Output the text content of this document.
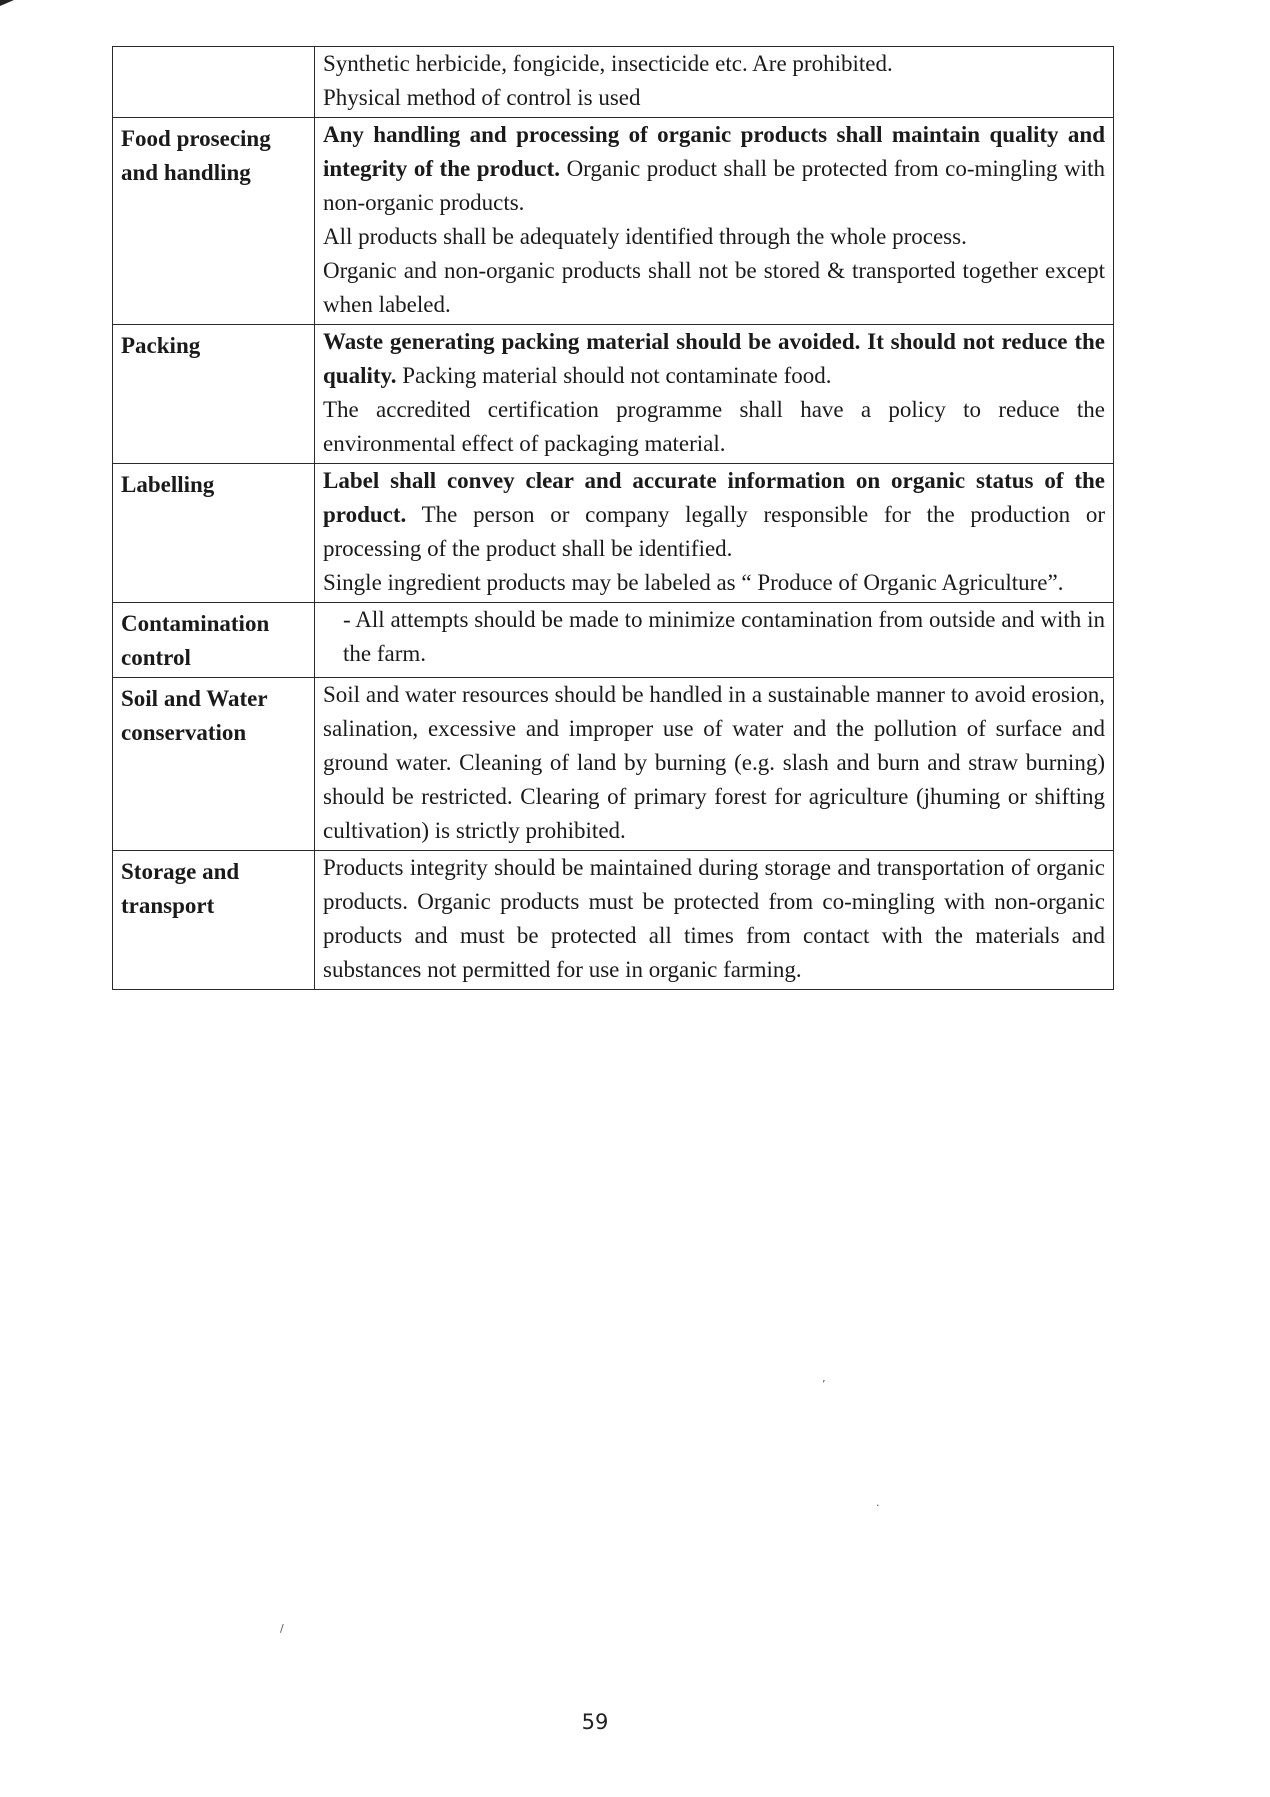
	Synthetic herbicide, fongicide, insecticide etc. Are prohibited.
Physical method of control is used

Food prosecing and handling	Any handling and processing of organic products shall maintain quality and integrity of the product. Organic product shall be protected from co-mingling with non-organic products.
All products shall be adequately identified through the whole process.
Organic and non-organic products shall not be stored & transported together except when labeled.

Packing	Waste generating packing material should be avoided. It should not reduce the quality. Packing material should not contaminate food.
The accredited certification programme shall have a policy to reduce the environmental effect of packaging material.

Labelling	Label shall convey clear and accurate information on organic status of the product. The person or company legally responsible for the production or processing of the product shall be identified.
Single ingredient products may be labeled as “ Produce of Organic Agriculture”.

Contamination control	- All attempts should be made to minimize contamination from outside and with in the farm.

Soil and Water conservation	Soil and water resources should be handled in a sustainable manner to avoid erosion, salination, excessive and improper use of water and the pollution of surface and ground water. Cleaning of land by burning (e.g. slash and burn and straw burning) should be restricted. Clearing of primary forest for agriculture (jhuming or shifting cultivation) is strictly prohibited.

Storage and transport	Products integrity should be maintained during storage and transportation of organic products. Organic products must be protected from co-mingling with non-organic products and must be protected all times from contact with the materials and substances not permitted for use in organic farming.
59
’
.
/
